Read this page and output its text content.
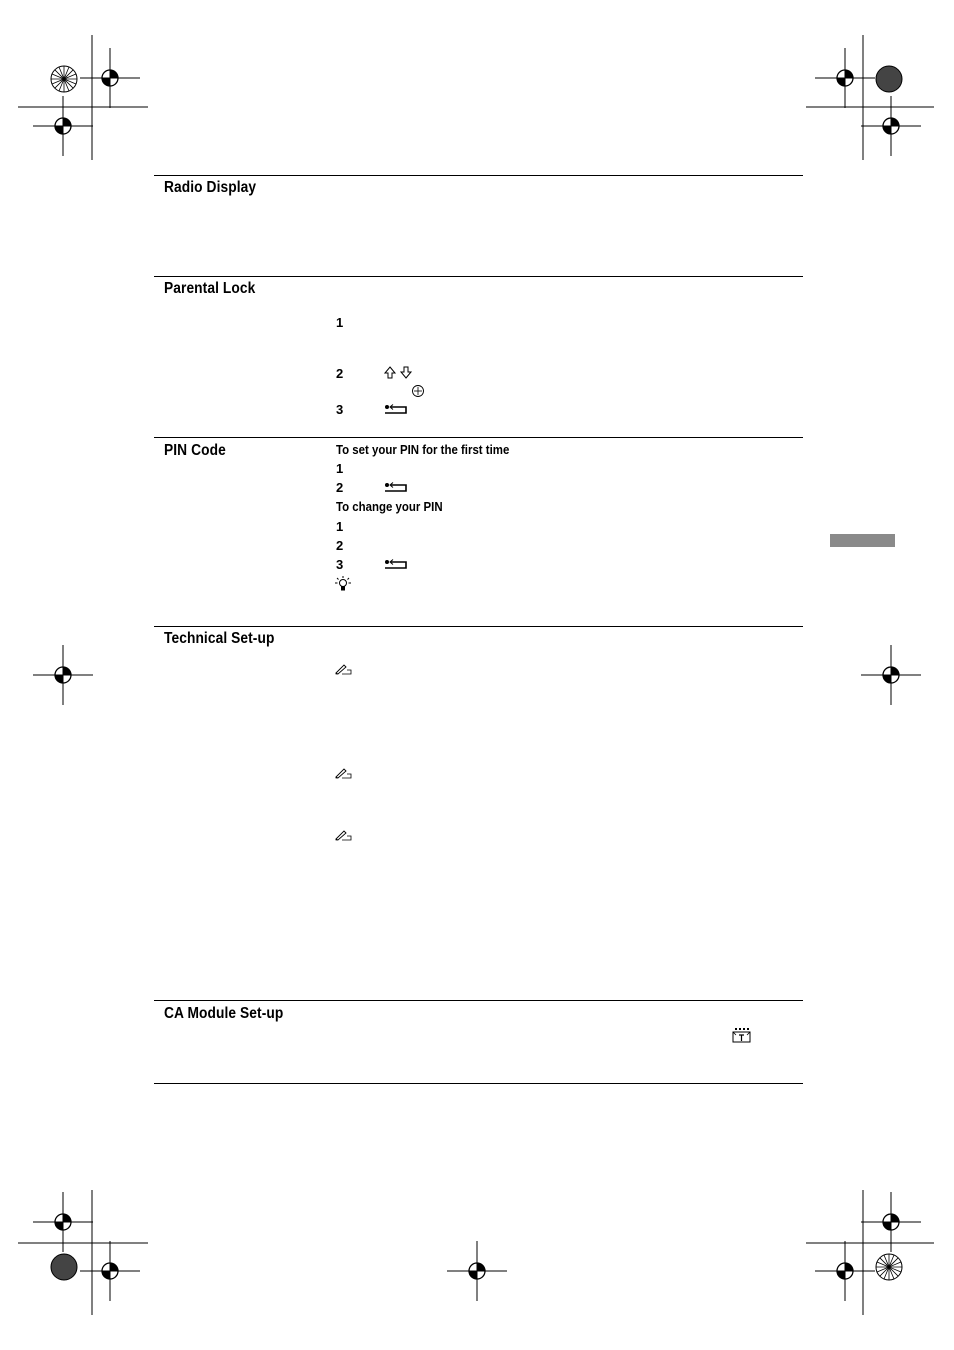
Radio Display
Parental Lock
1
2
3
PIN Code	To set your PIN for the first time
1
2
To change your PIN
1
2
3
Technical Set-up
CA Module Set-up
